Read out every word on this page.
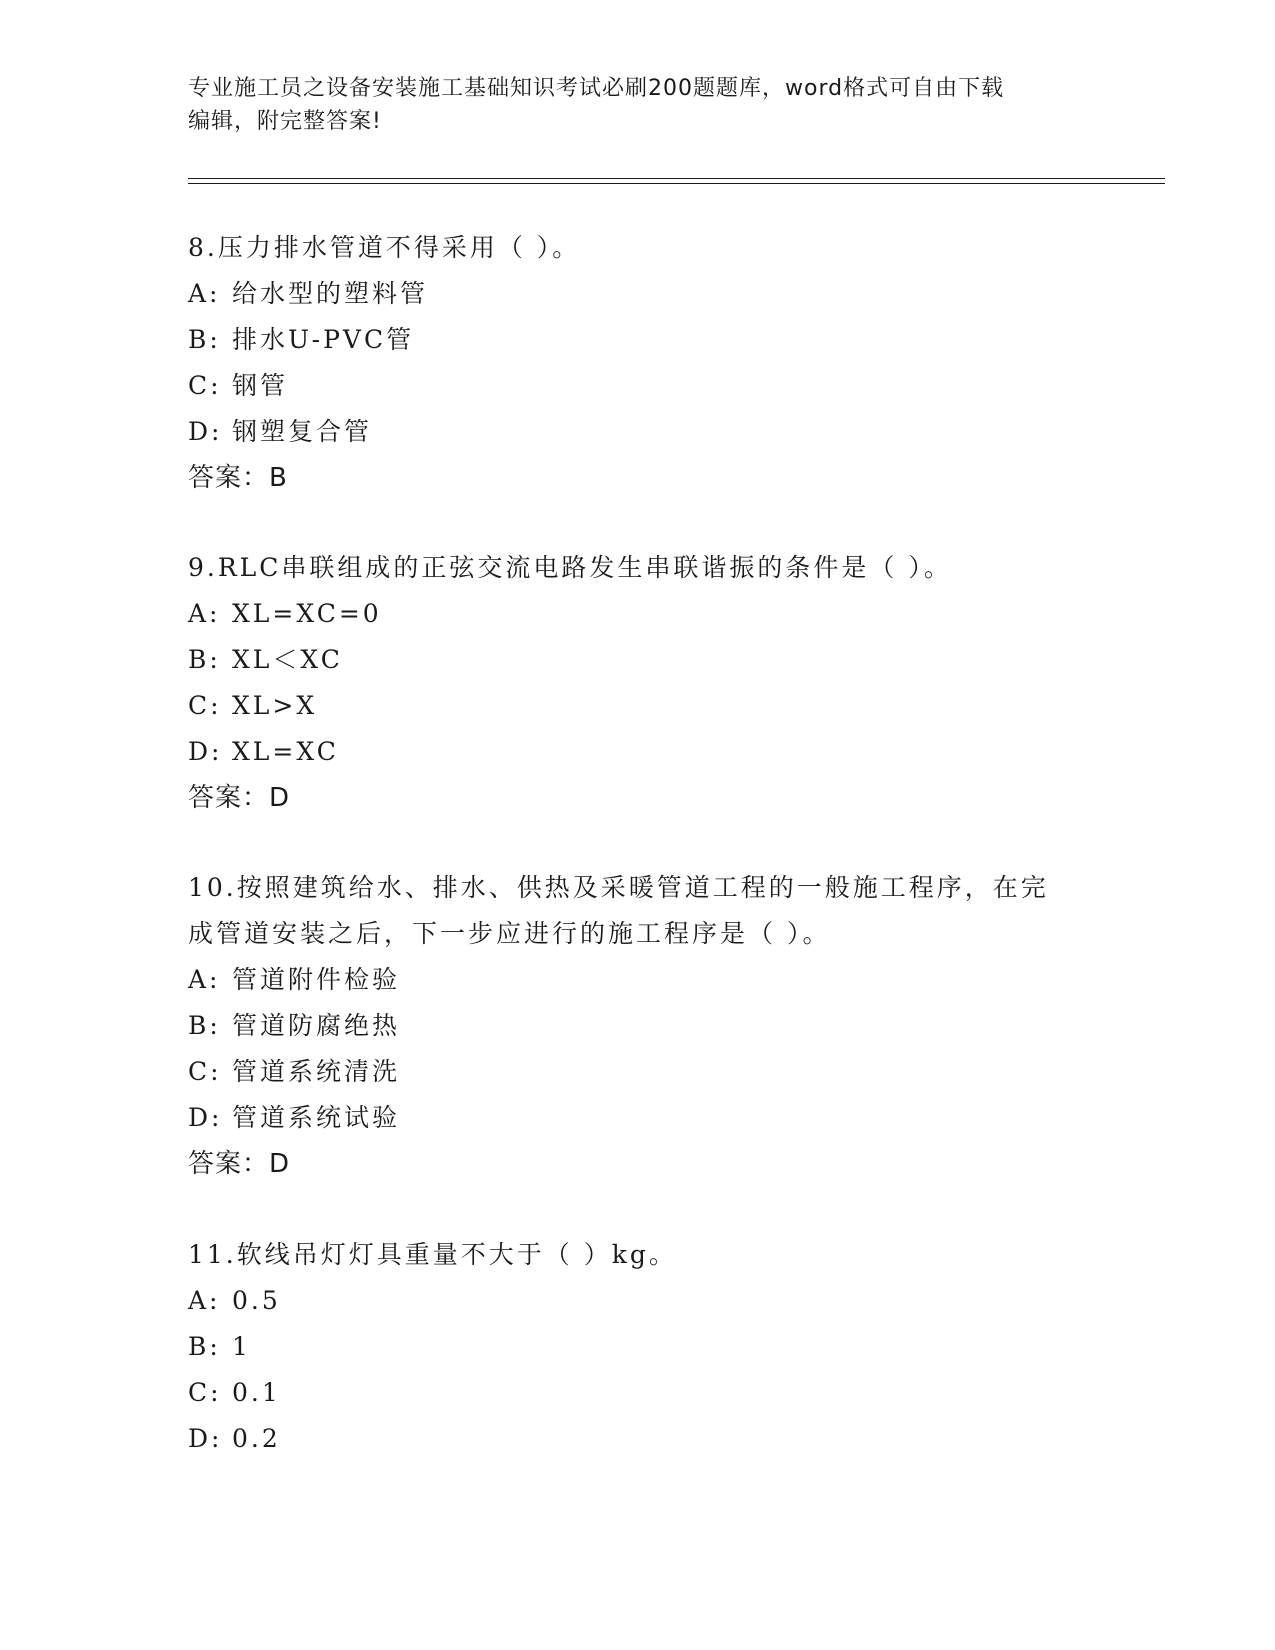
专业施工员之设备安装施工基础知识考试必刷200题题库，word格式可自由下载
编辑，附完整答案!
8.压力排水管道不得采用（ ）。
A: 给水型的塑料管
B: 排水U-PVC管
C: 钢管
D: 钢塑复合管
答案：B
9.RLC串联组成的正弦交流电路发生串联谐振的条件是（ ）。
A: XL=XC=0
B: XL＜XC
C: XL>X
D: XL=XC
答案：D
10.按照建筑给水、排水、供热及采暖管道工程的一般施工程序，在完
成管道安装之后，下一步应进行的施工程序是（ ）。
A: 管道附件检验
B: 管道防腐绝热
C: 管道系统清洗
D: 管道系统试验
答案：D
11.软线吊灯灯具重量不大于（ ）kg。
A: 0.5
B: 1
C: 0.1
D: 0.2
